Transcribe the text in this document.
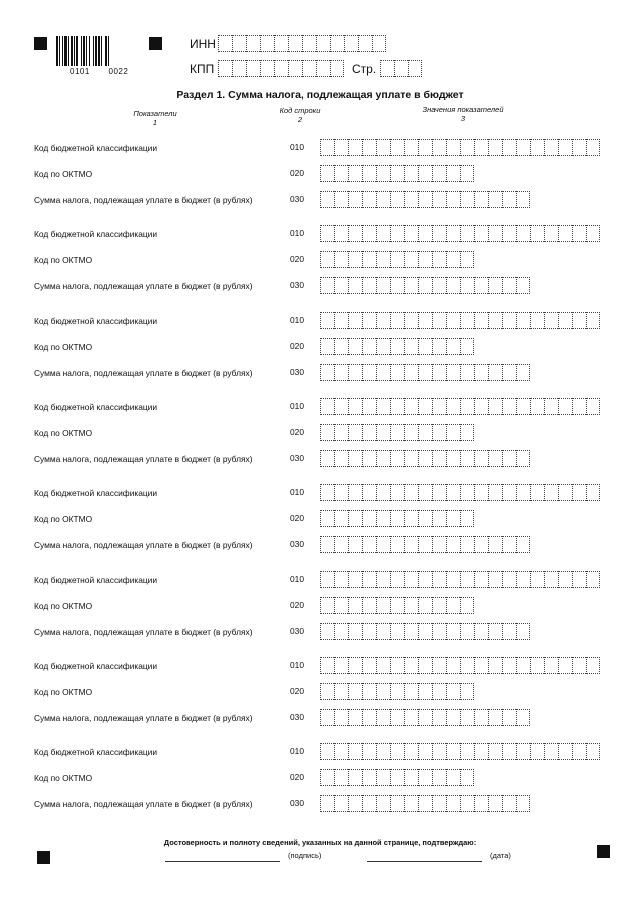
0101 0022
ИНН
КПП	Стр.
Раздел 1. Сумма налога, подлежащая уплате в бюджет
Показатели
1
Код строки
2
Значения показателей
3
Код бюджетной классификации	010
Код по ОКТМО	020
Сумма налога, подлежащая уплате в бюджет (в рублях)	030
Код бюджетной классификации	010
Код по ОКТМО	020
Сумма налога, подлежащая уплате в бюджет (в рублях)	030
Код бюджетной классификации	010
Код по ОКТМО	020
Сумма налога, подлежащая уплате в бюджет (в рублях)	030
Код бюджетной классификации	010
Код по ОКТМО	020
Сумма налога, подлежащая уплате в бюджет (в рублях)	030
Код бюджетной классификации	010
Код по ОКТМО	020
Сумма налога, подлежащая уплате в бюджет (в рублях)	030
Код бюджетной классификации	010
Код по ОКТМО	020
Сумма налога, подлежащая уплате в бюджет (в рублях)	030
Код бюджетной классификации	010
Код по ОКТМО	020
Сумма налога, подлежащая уплате в бюджет (в рублях)	030
Код бюджетной классификации	010
Код по ОКТМО	020
Сумма налога, подлежащая уплате в бюджет (в рублях)	030
Достоверность и полноту сведений, указанных на данной странице, подтверждаю:
(подпись)	(дата)
